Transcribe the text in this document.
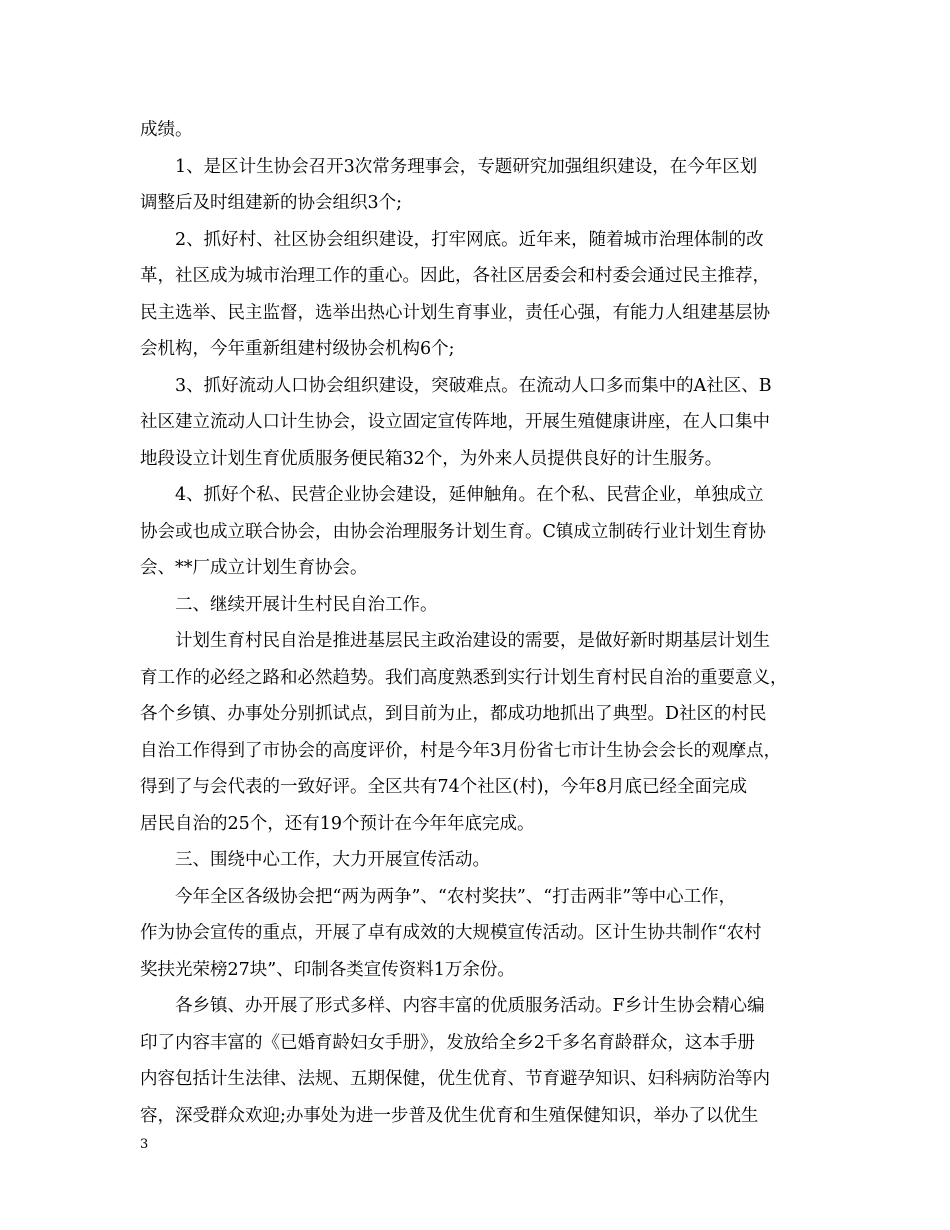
成绩。
1、是区计生协会召开3次常务理事会，专题研究加强组织建设，在今年区划
调整后及时组建新的协会组织3个;
2、抓好村、社区协会组织建设，打牢网底。近年来，随着城市治理体制的改
革，社区成为城市治理工作的重心。因此，各社区居委会和村委会通过民主推荐，
民主选举、民主监督，选举出热心计划生育事业，责任心强，有能力人组建基层协
会机构，今年重新组建村级协会机构6个;
3、抓好流动人口协会组织建设，突破难点。在流动人口多而集中的A社区、B
社区建立流动人口计生协会，设立固定宣传阵地，开展生殖健康讲座，在人口集中
地段设立计划生育优质服务便民箱32个，为外来人员提供良好的计生服务。
4、抓好个私、民营企业协会建设，延伸触角。在个私、民营企业，单独成立
协会或也成立联合协会，由协会治理服务计划生育。C镇成立制砖行业计划生育协
会、**厂成立计划生育协会。
二、继续开展计生村民自治工作。
计划生育村民自治是推进基层民主政治建设的需要，是做好新时期基层计划生
育工作的必经之路和必然趋势。我们高度熟悉到实行计划生育村民自治的重要意义，
各个乡镇、办事处分别抓试点，到目前为止，都成功地抓出了典型。D社区的村民
自治工作得到了市协会的高度评价，村是今年3月份省七市计生协会会长的观摩点，
得到了与会代表的一致好评。全区共有74个社区(村)，今年8月底已经全面完成
居民自治的25个，还有19个预计在今年年底完成。
三、围绕中心工作，大力开展宣传活动。
今年全区各级协会把“两为两争”、“农村奖扶”、“打击两非”等中心工作，
作为协会宣传的重点，开展了卓有成效的大规模宣传活动。区计生协共制作“农村
奖扶光荣榜27块”、印制各类宣传资料1万余份。
各乡镇、办开展了形式多样、内容丰富的优质服务活动。F乡计生协会精心编
印了内容丰富的《已婚育龄妇女手册》，发放给全乡2千多名育龄群众，这本手册
内容包括计生法律、法规、五期保健，优生优育、节育避孕知识、妇科病防治等内
容，深受群众欢迎;办事处为进一步普及优生优育和生殖保健知识，举办了以优生
3
